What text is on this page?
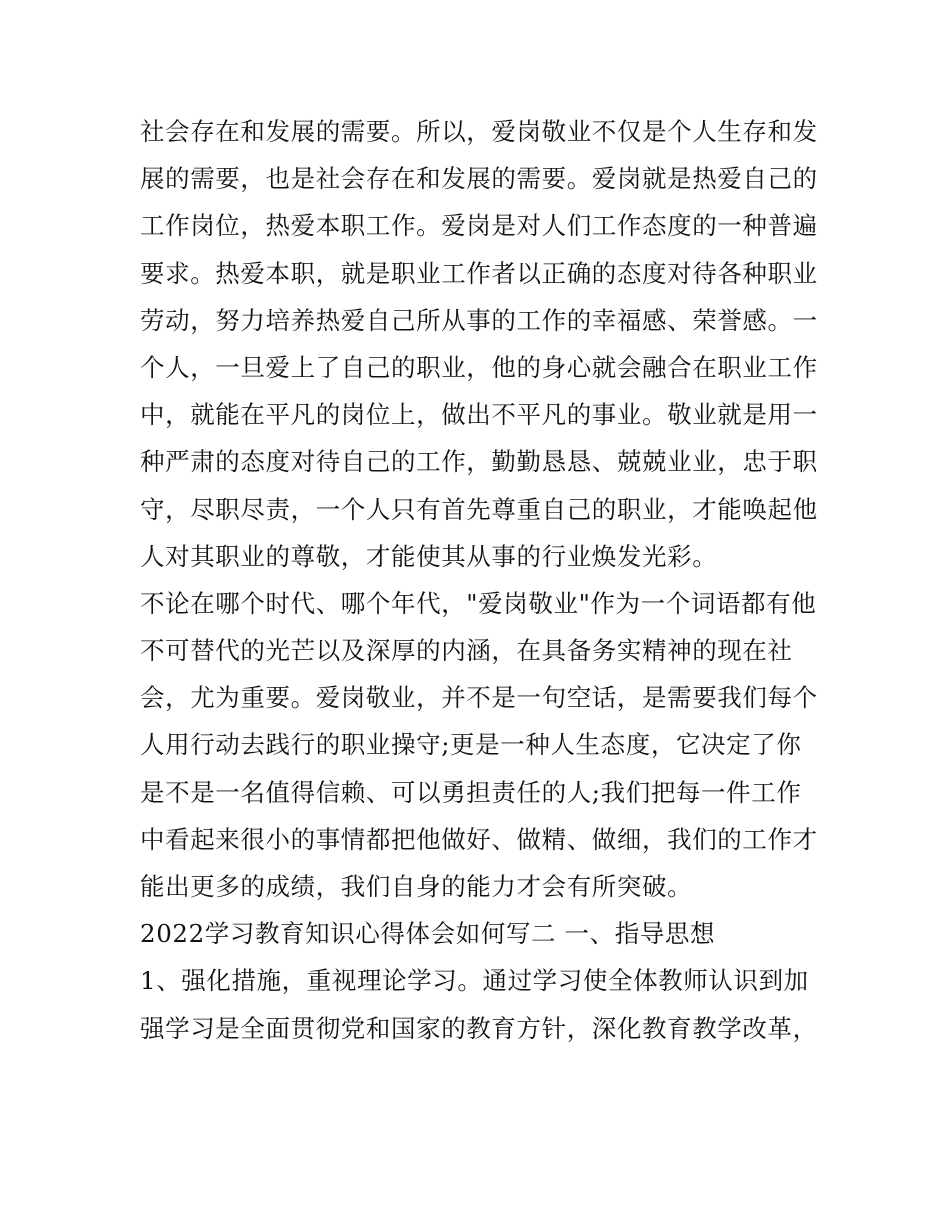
社会存在和发展的需要。所以，爱岗敬业不仅是个人生存和发
展的需要，也是社会存在和发展的需要。爱岗就是热爱自己的
工作岗位，热爱本职工作。爱岗是对人们工作态度的一种普遍
要求。热爱本职，就是职业工作者以正确的态度对待各种职业
劳动，努力培养热爱自己所从事的工作的幸福感、荣誉感。一
个人，一旦爱上了自己的职业，他的身心就会融合在职业工作
中，就能在平凡的岗位上，做出不平凡的事业。敬业就是用一
种严肃的态度对待自己的工作，勤勤恳恳、兢兢业业，忠于职
守，尽职尽责，一个人只有首先尊重自己的职业，才能唤起他
人对其职业的尊敬，才能使其从事的行业焕发光彩。
不论在哪个时代、哪个年代，"爱岗敬业"作为一个词语都有他
不可替代的光芒以及深厚的内涵，在具备务实精神的现在社
会，尤为重要。爱岗敬业，并不是一句空话，是需要我们每个
人用行动去践行的职业操守;更是一种人生态度，它决定了你
是不是一名值得信赖、可以勇担责任的人;我们把每一件工作
中看起来很小的事情都把他做好、做精、做细，我们的工作才
能出更多的成绩，我们自身的能力才会有所突破。
2022学习教育知识心得体会如何写二 一、指导思想
1、强化措施，重视理论学习。通过学习使全体教师认识到加
强学习是全面贯彻党和国家的教育方针，深化教育教学改革，
